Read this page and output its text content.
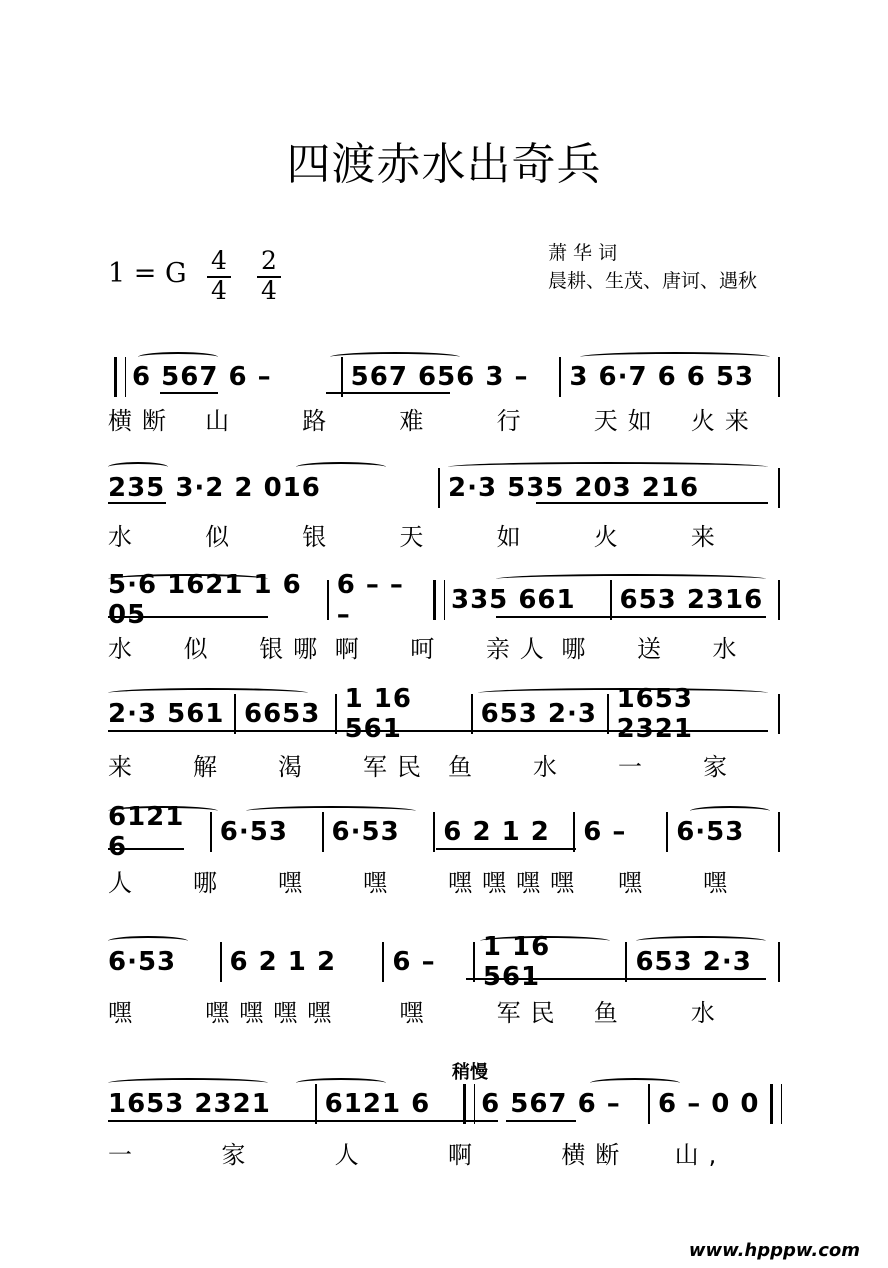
四渡赤水出奇兵
1 = G 4
4
2
4
萧 华 词
晨耕、生茂、唐诃、遇秋
6 567 6 –	567 656 3 –	3 6·7 6 6 53
横断	山	路	难	行	天如	火来
235 3·2 2 016	2·3 535 203 216
水	似	银	天	如	火	来
5·6 1621 1 6 05
6 – – –	335 661	653 2316
水	似	银哪 啊	呵	亲人 哪	送	水
2·3 561 6653 1 16 561	653 2·3 1653 2321
来	解	渴	军民 鱼	水	一	家
6121 6	6·53	6·53	6 2 1 2	6 –	6·53
人	哪	嘿	嘿	嘿嘿嘿嘿	嘿	嘿
6·53	6 2 1 2	6 –	1 16 561	653 2·3
嘿	嘿嘿嘿嘿	嘿	军民	鱼	水
稍慢
1653 2321	6121 6	6 567 6 –	6 – 0 0
一	家	人	啊	横断	山,
www.hpppw.com
